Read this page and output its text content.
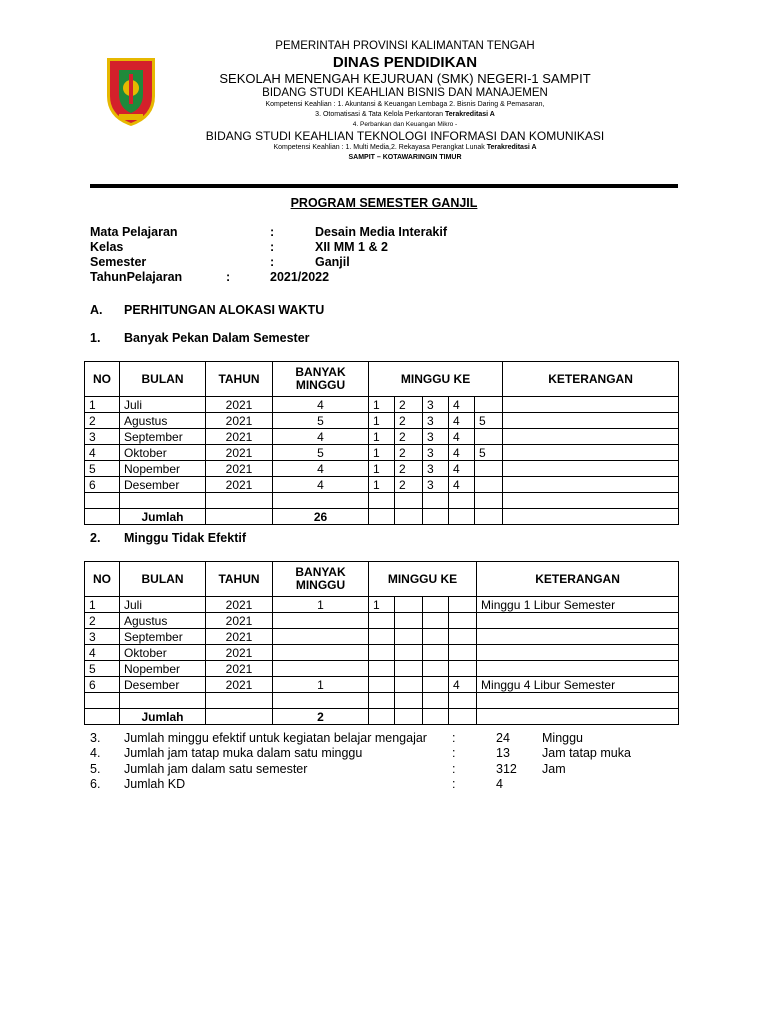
PEMERINTAH PROVINSI KALIMANTAN TENGAH
DINAS PENDIDIKAN
SEKOLAH MENENGAH KEJURUAN (SMK) NEGERI-1 SAMPIT
BIDANG STUDI KEAHLIAN BISNIS DAN MANAJEMEN
Kompetensi Keahlian : 1. Akuntansi & Keuangan Lembaga 2. Bisnis Daring & Pemasaran,
3. Otomatisasi & Tata Kelola Perkantoran Terakreditasi A
4. Perbankan dan Keuangan Mikro -
BIDANG STUDI KEAHLIAN TEKNOLOGI INFORMASI DAN KOMUNIKASI
Kompetensi Keahlian : 1. Multi Media,2. Rekayasa Perangkat Lunak Terakreditasi A
SAMPIT – KOTAWARINGIN TIMUR
PROGRAM SEMESTER GANJIL
Mata Pelajaran	:	Desain Media Interakif
Kelas	:	XII MM 1 & 2
Semester	:	Ganjil
TahunPelajaran	:	2021/2022
A. PERHITUNGAN ALOKASI WAKTU
1. Banyak Pekan Dalam Semester
NO	BULAN	TAHUN	BANYAK MINGGU	MINGGU KE					KETERANGAN
1	Juli	2021	4	1	2	3	4		
2	Agustus	2021	5	1	2	3	4	5	
3	September	2021	4	1	2	3	4		
4	Oktober	2021	5	1	2	3	4	5	
5	Nopember	2021	4	1	2	3	4		
6	Desember	2021	4	1	2	3	4		

	Jumlah		26						
2. Minggu Tidak Efektif
NO	BULAN	TAHUN	BANYAK MINGGU	MINGGU KE				KETERANGAN
1	Juli	2021	1	1				Minggu 1 Libur Semester
2	Agustus	2021						
3	September	2021						
4	Oktober	2021						
5	Nopember	2021						
6	Desember	2021	1				4	Minggu 4 Libur Semester

	Jumlah		2					
3. Jumlah minggu efektif untuk kegiatan belajar mengajar :	24	Minggu
4. Jumlah jam tatap muka dalam satu minggu	:	13	Jam tatap muka
5. Jumlah jam dalam satu semester	:	312 Jam
6. Jumlah KD	:	4
